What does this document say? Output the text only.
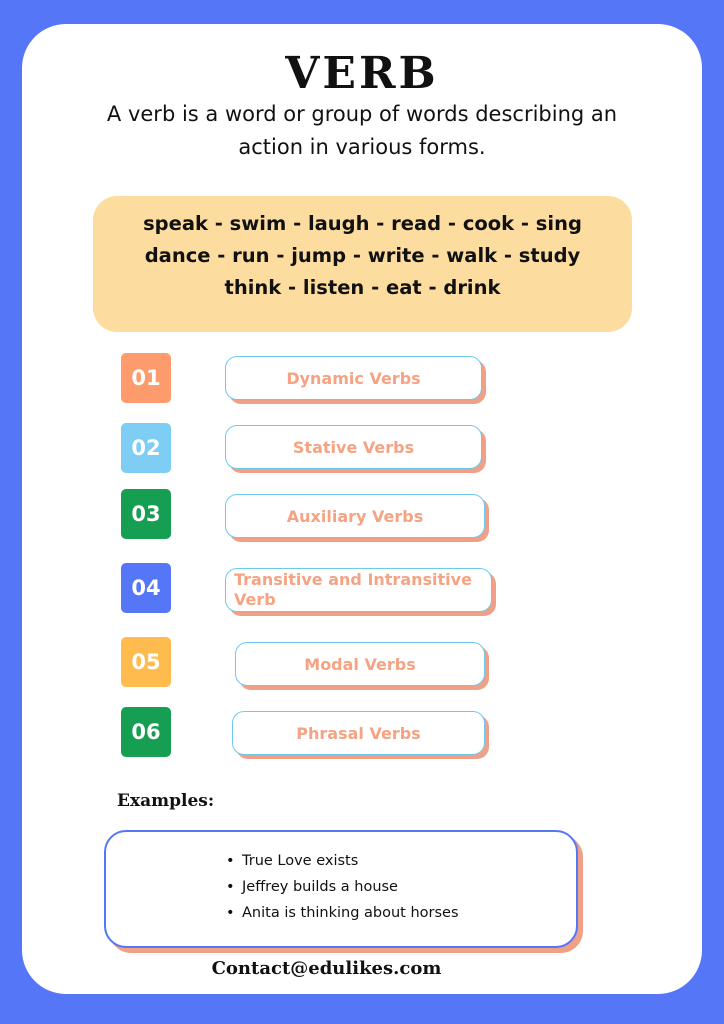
VERB
A verb is a word or group of words describing an action in various forms.
speak - swim - laugh - read - cook - sing
dance - run - jump - write - walk - study
think - listen - eat - drink
01	Dynamic Verbs
02	Stative Verbs
03	Auxiliary Verbs
04	Transitive and Intransitive Verb
05	Modal Verbs
06	Phrasal Verbs
Examples:
• True Love exists
• Jeffrey builds a house
• Anita is thinking about horses
Contact@edulikes.com
